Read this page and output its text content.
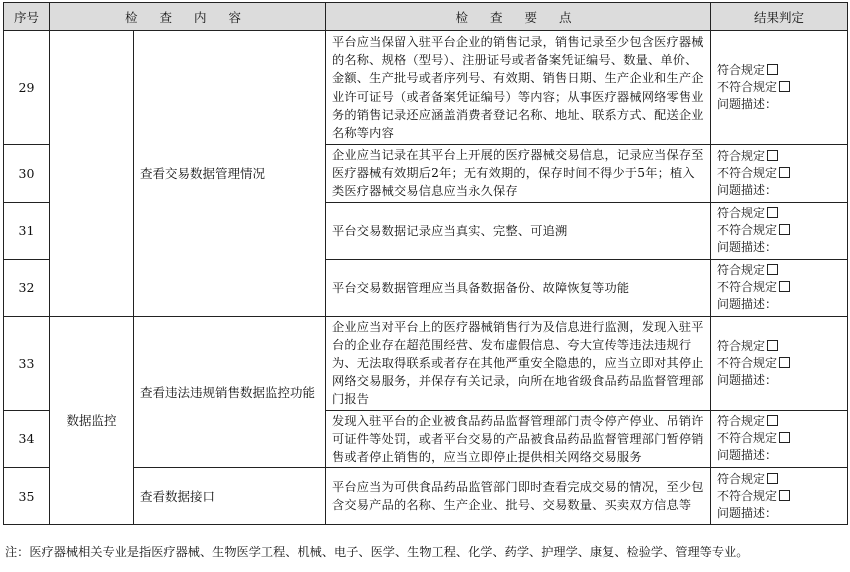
序号	检 查 内 容		检 查 要 点	结果判定
29		查看交易数据管理情况	平台应当保留入驻平台企业的销售记录，销售记录至少包含医疗器械的名称、规格（型号）、注册证号或者备案凭证编号、数量、单价、金额、生产批号或者序列号、有效期、销售日期、生产企业和生产企业许可证号（或者备案凭证编号）等内容；从事医疗器械网络零售业务的销售记录还应涵盖消费者登记名称、地址、联系方式、配送企业名称等内容	符合规定
不符合规定
问题描述：

30			企业应当记录在其平台上开展的医疗器械交易信息，记录应当保存至医疗器械有效期后2年；无有效期的，保存时间不得少于5年；植入类医疗器械交易信息应当永久保存	符合规定
不符合规定
问题描述：

31			平台交易数据记录应当真实、完整、可追溯	符合规定
不符合规定
问题描述：

32			平台交易数据管理应当具备数据备份、故障恢复等功能	符合规定
不符合规定
问题描述：

33	数据监控	查看违法违规销售数据监控功能	企业应当对平台上的医疗器械销售行为及信息进行监测，发现入驻平台的企业存在超范围经营、发布虚假信息、夸大宣传等违法违规行为、无法取得联系或者存在其他严重安全隐患的，应当立即对其停止网络交易服务，并保存有关记录，向所在地省级食品药品监督管理部门报告	符合规定
不符合规定
问题描述：

34			发现入驻平台的企业被食品药品监督管理部门责令停产停业、吊销许可证件等处罚，或者平台交易的产品被食品药品监督管理部门暂停销售或者停止销售的，应当立即停止提供相关网络交易服务	符合规定
不符合规定
问题描述：

35		查看数据接口	平台应当为可供食品药品监管部门即时查看完成交易的情况，至少包含交易产品的名称、生产企业、批号、交易数量、买卖双方信息等	符合规定
不符合规定
问题描述：
注：医疗器械相关专业是指医疗器械、生物医学工程、机械、电子、医学、生物工程、化学、药学、护理学、康复、检验学、管理等专业。
